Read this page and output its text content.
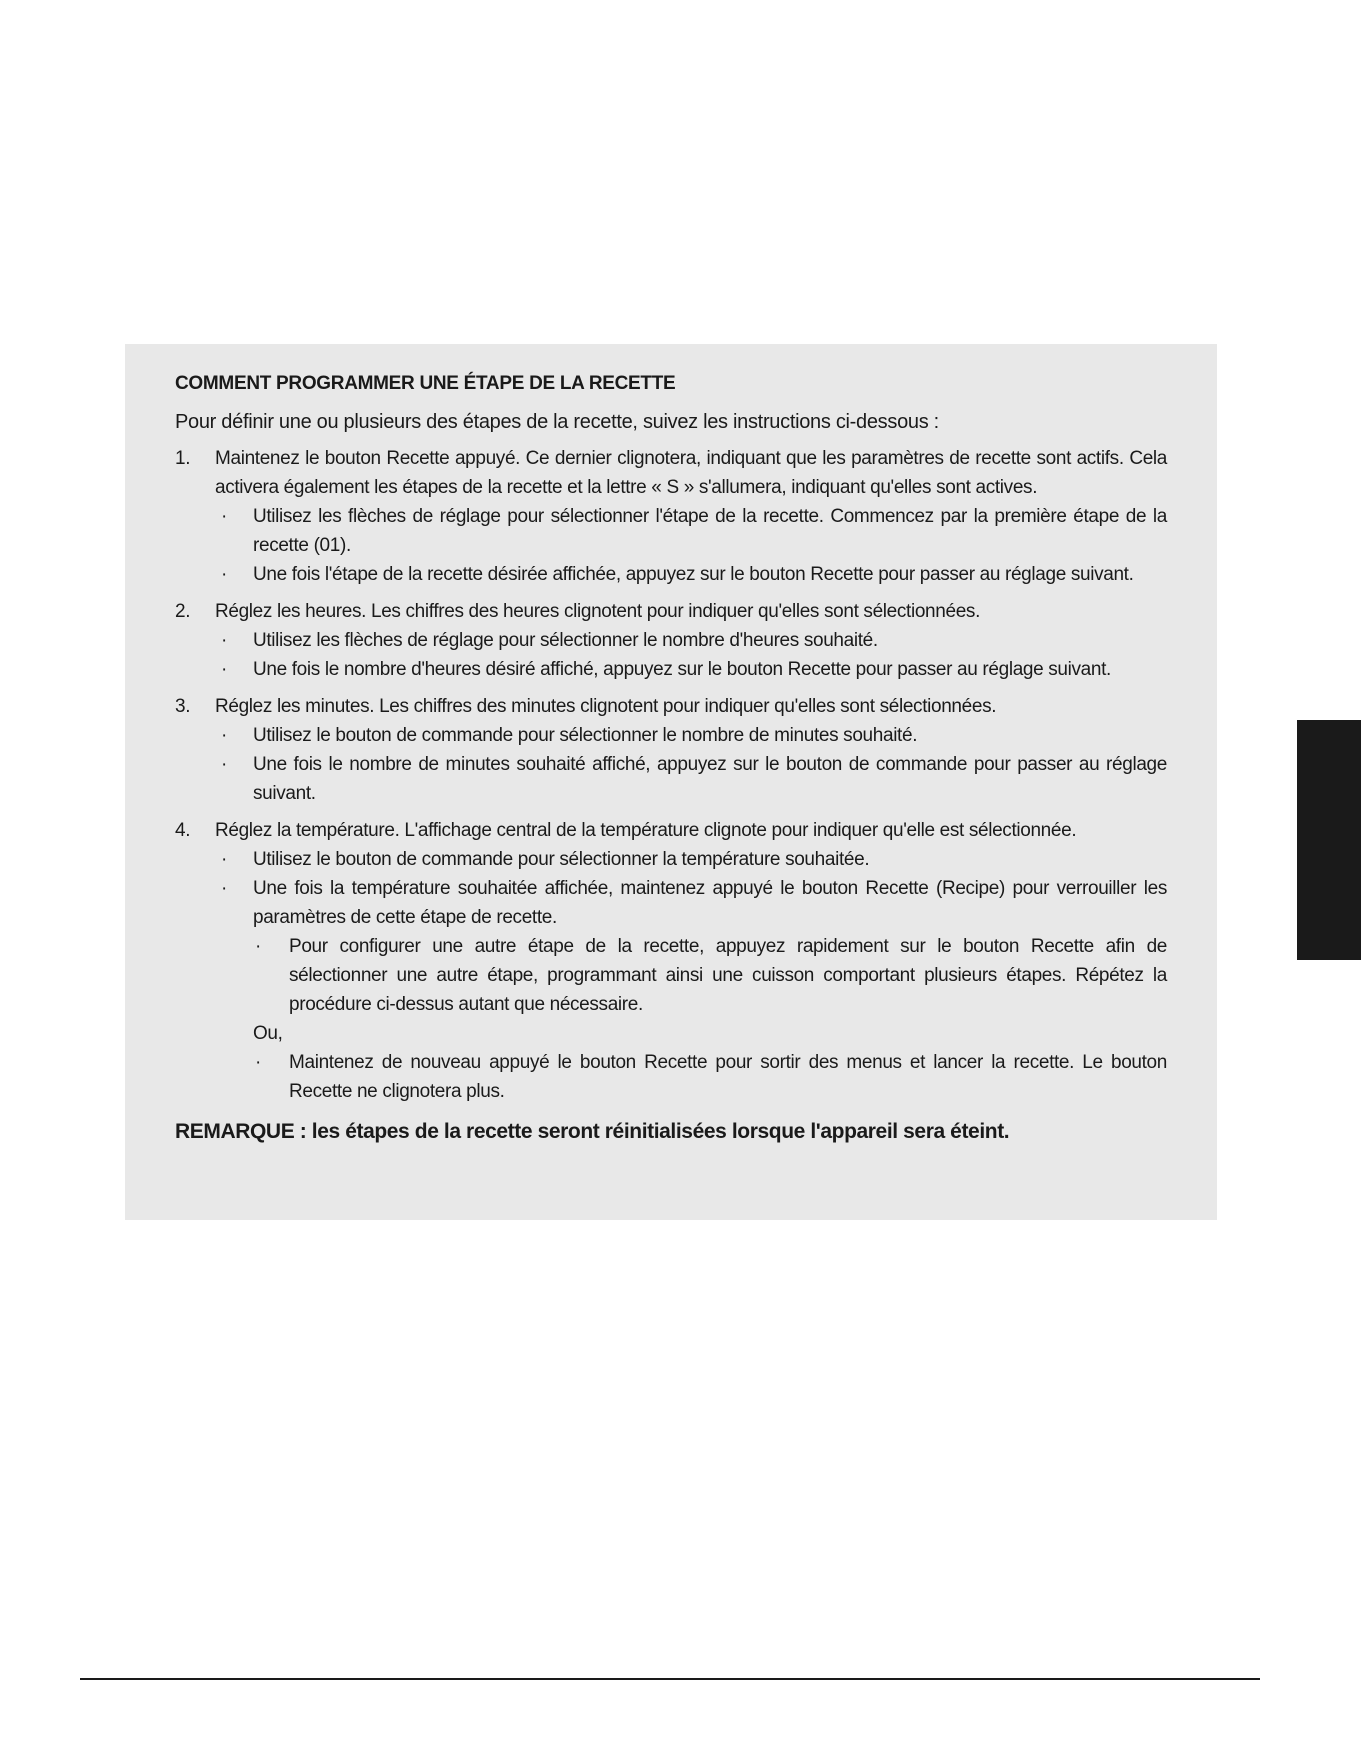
COMMENT PROGRAMMER UNE ÉTAPE DE LA RECETTE
Pour définir une ou plusieurs des étapes de la recette, suivez les instructions ci-dessous :
1. Maintenez le bouton Recette appuyé. Ce dernier clignotera, indiquant que les paramètres de recette sont actifs. Cela activera également les étapes de la recette et la lettre « S » s'allumera, indiquant qu'elles sont actives.
· Utilisez les flèches de réglage pour sélectionner l'étape de la recette. Commencez par la première étape de la recette (01).
· Une fois l'étape de la recette désirée affichée, appuyez sur le bouton Recette pour passer au réglage suivant.
2. Réglez les heures. Les chiffres des heures clignotent pour indiquer qu'elles sont sélectionnées.
· Utilisez les flèches de réglage pour sélectionner le nombre d'heures souhaité.
· Une fois le nombre d'heures désiré affiché, appuyez sur le bouton Recette pour passer au réglage suivant.
3. Réglez les minutes. Les chiffres des minutes clignotent pour indiquer qu'elles sont sélectionnées.
· Utilisez le bouton de commande pour sélectionner le nombre de minutes souhaité.
· Une fois le nombre de minutes souhaité affiché, appuyez sur le bouton de commande pour passer au réglage suivant.
4. Réglez la température. L'affichage central de la température clignote pour indiquer qu'elle est sélectionnée.
· Utilisez le bouton de commande pour sélectionner la température souhaitée.
· Une fois la température souhaitée affichée, maintenez appuyé le bouton Recette (Recipe) pour verrouiller les paramètres de cette étape de recette.
· Pour configurer une autre étape de la recette, appuyez rapidement sur le bouton Recette afin de sélectionner une autre étape, programmant ainsi une cuisson comportant plusieurs étapes. Répétez la procédure ci-dessus autant que nécessaire.
Ou,
· Maintenez de nouveau appuyé le bouton Recette pour sortir des menus et lancer la recette. Le bouton Recette ne clignotera plus.
REMARQUE : les étapes de la recette seront réinitialisées lorsque l'appareil sera éteint.
